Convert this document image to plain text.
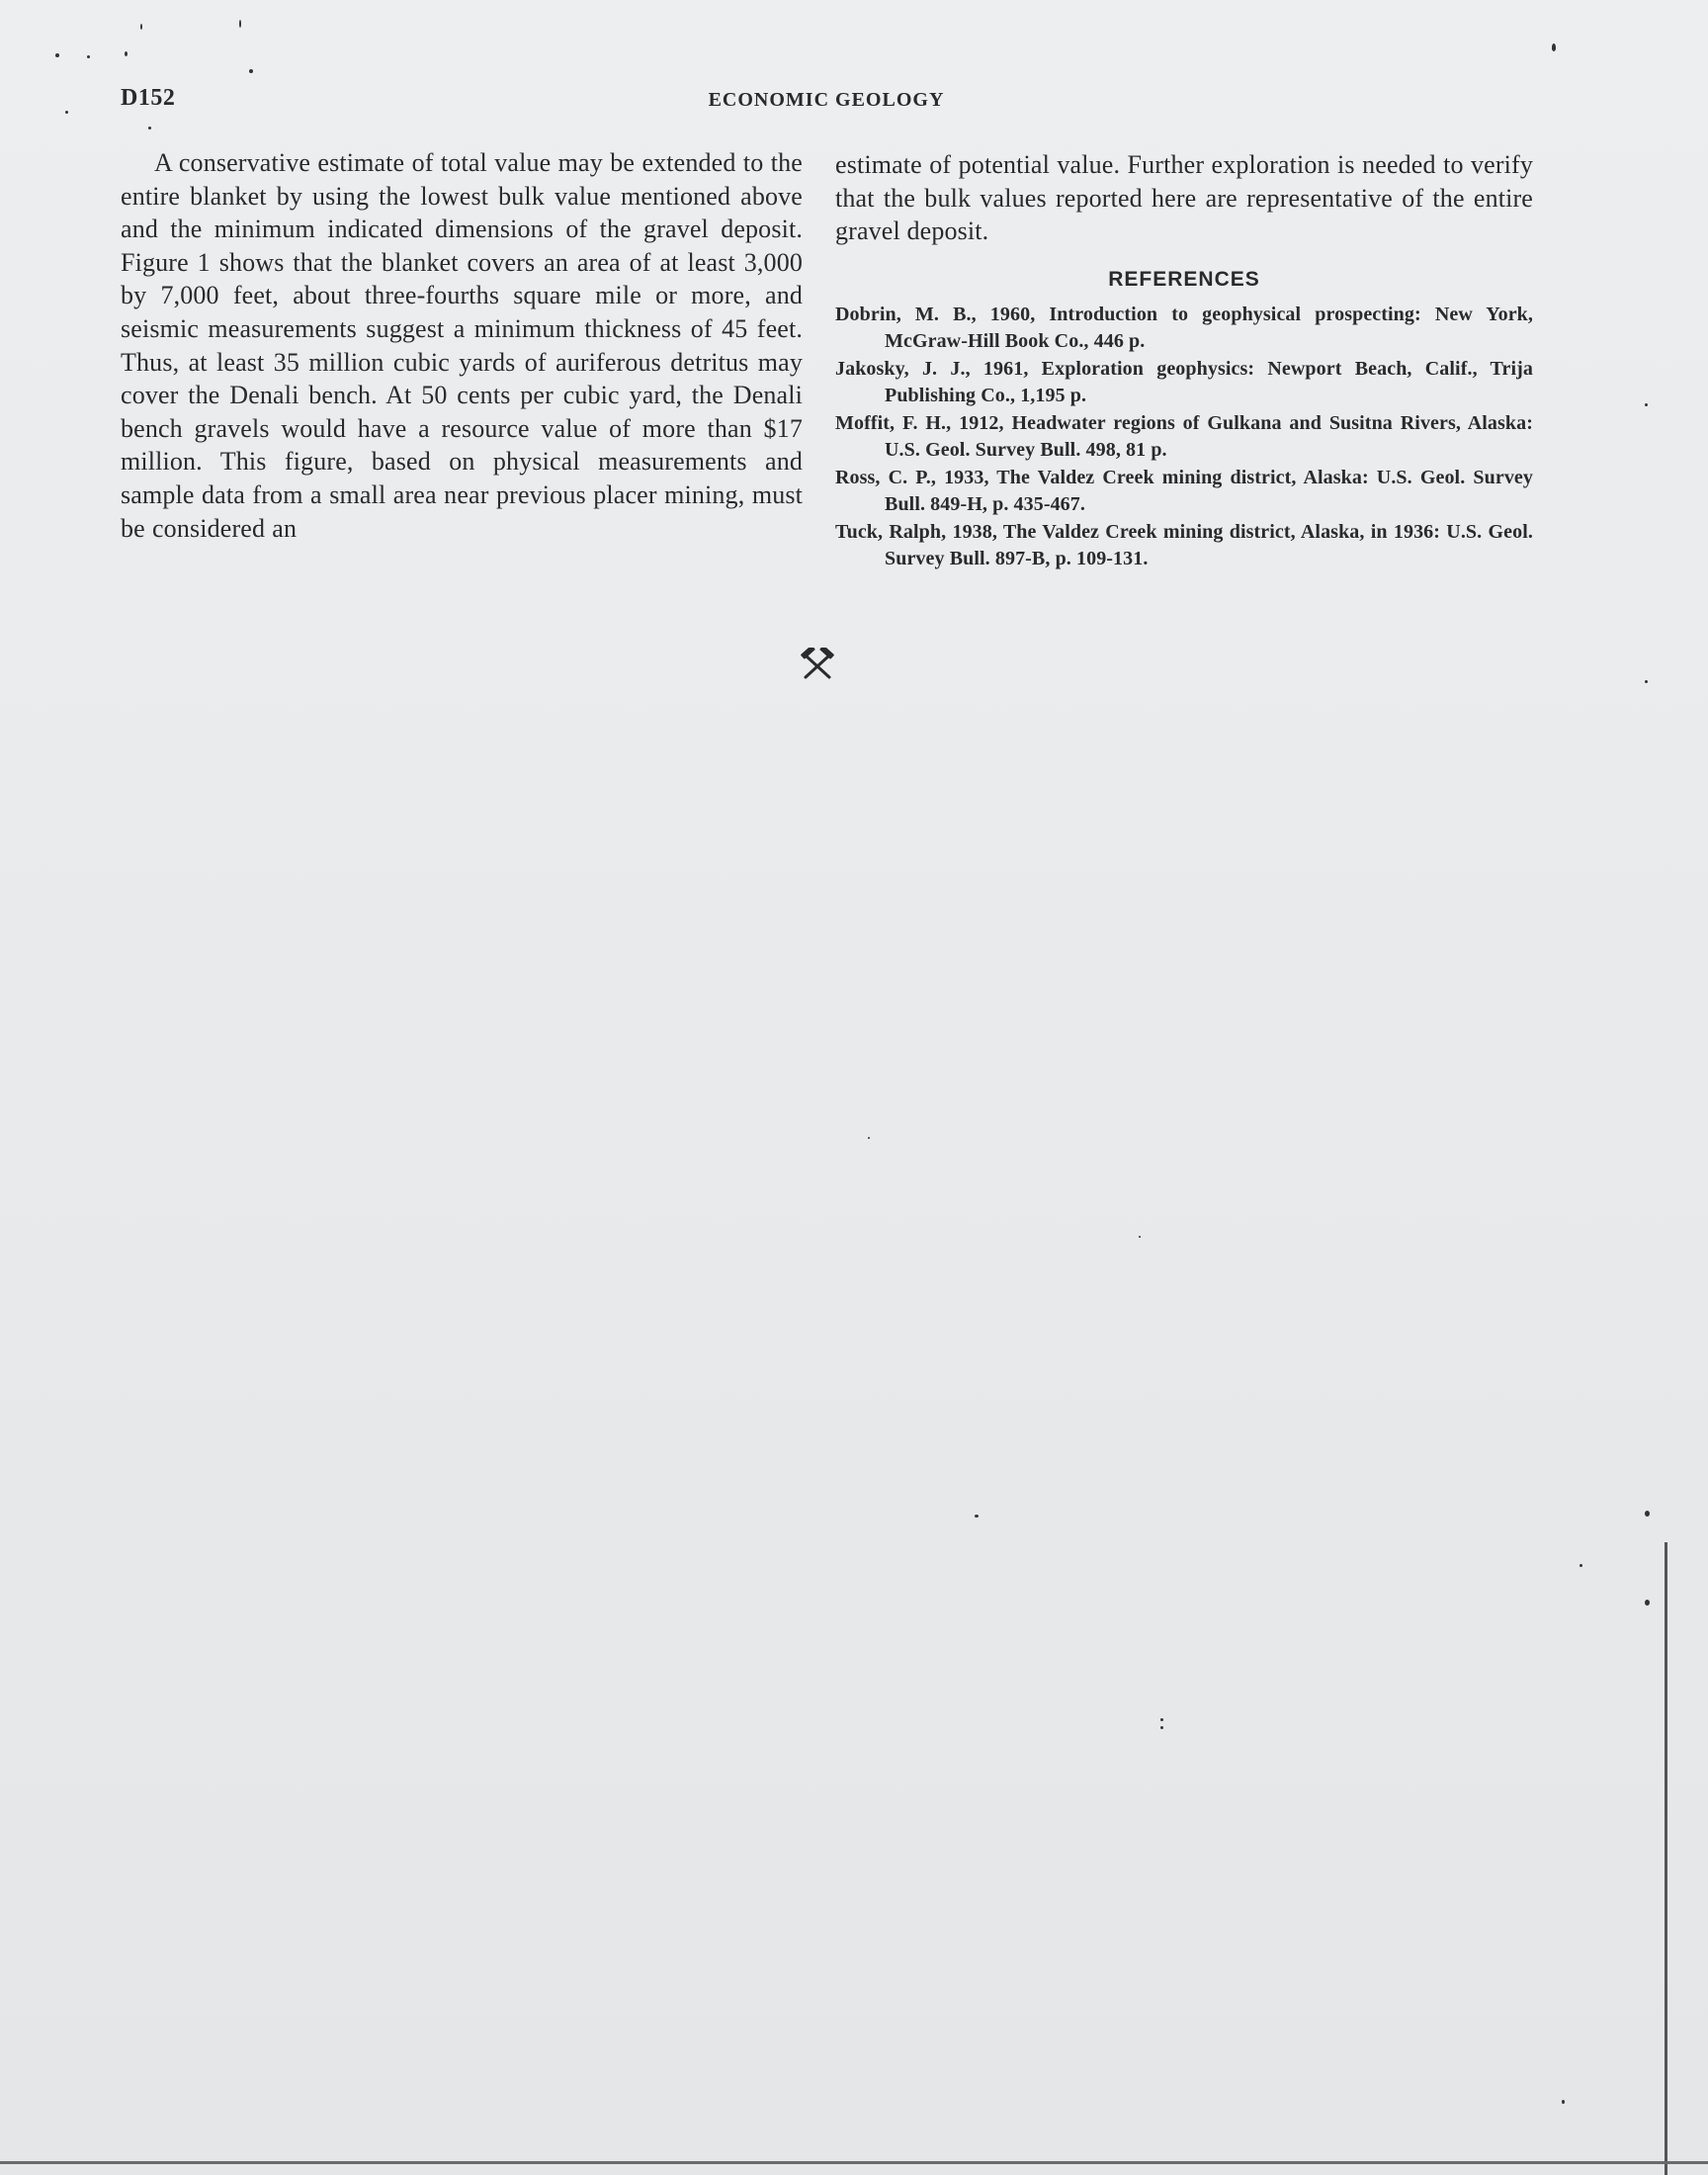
D152	ECONOMIC GEOLOGY

A conservative estimate of total value may be extended to the entire blanket by using the lowest bulk value mentioned above and the minimum indicated dimensions of the gravel deposit. Figure 1 shows that the blanket covers an area of at least 3,000 by 7,000 feet, about three-fourths square mile or more, and seismic measurements suggest a minimum thickness of 45 feet. Thus, at least 35 million cubic yards of auriferous detritus may cover the Denali bench. At 50 cents per cubic yard, the Denali bench gravels would have a resource value of more than $17 million. This figure, based on physical measurements and sample data from a small area near previous placer mining, must be considered an

estimate of potential value. Further exploration is needed to verify that the bulk values reported here are representative of the entire gravel deposit.

REFERENCES
Dobrin, M. B., 1960, Introduction to geophysical prospecting: New York, McGraw-Hill Book Co., 446 p.
Jakosky, J. J., 1961, Exploration geophysics: Newport Beach, Calif., Trija Publishing Co., 1,195 p.
Moffit, F. H., 1912, Headwater regions of Gulkana and Susitna Rivers, Alaska: U.S. Geol. Survey Bull. 498, 81 p.
Ross, C. P., 1933, The Valdez Creek mining district, Alaska: U.S. Geol. Survey Bull. 849-H, p. 435-467.
Tuck, Ralph, 1938, The Valdez Creek mining district, Alaska, in 1936: U.S. Geol. Survey Bull. 897-B, p. 109-131.
